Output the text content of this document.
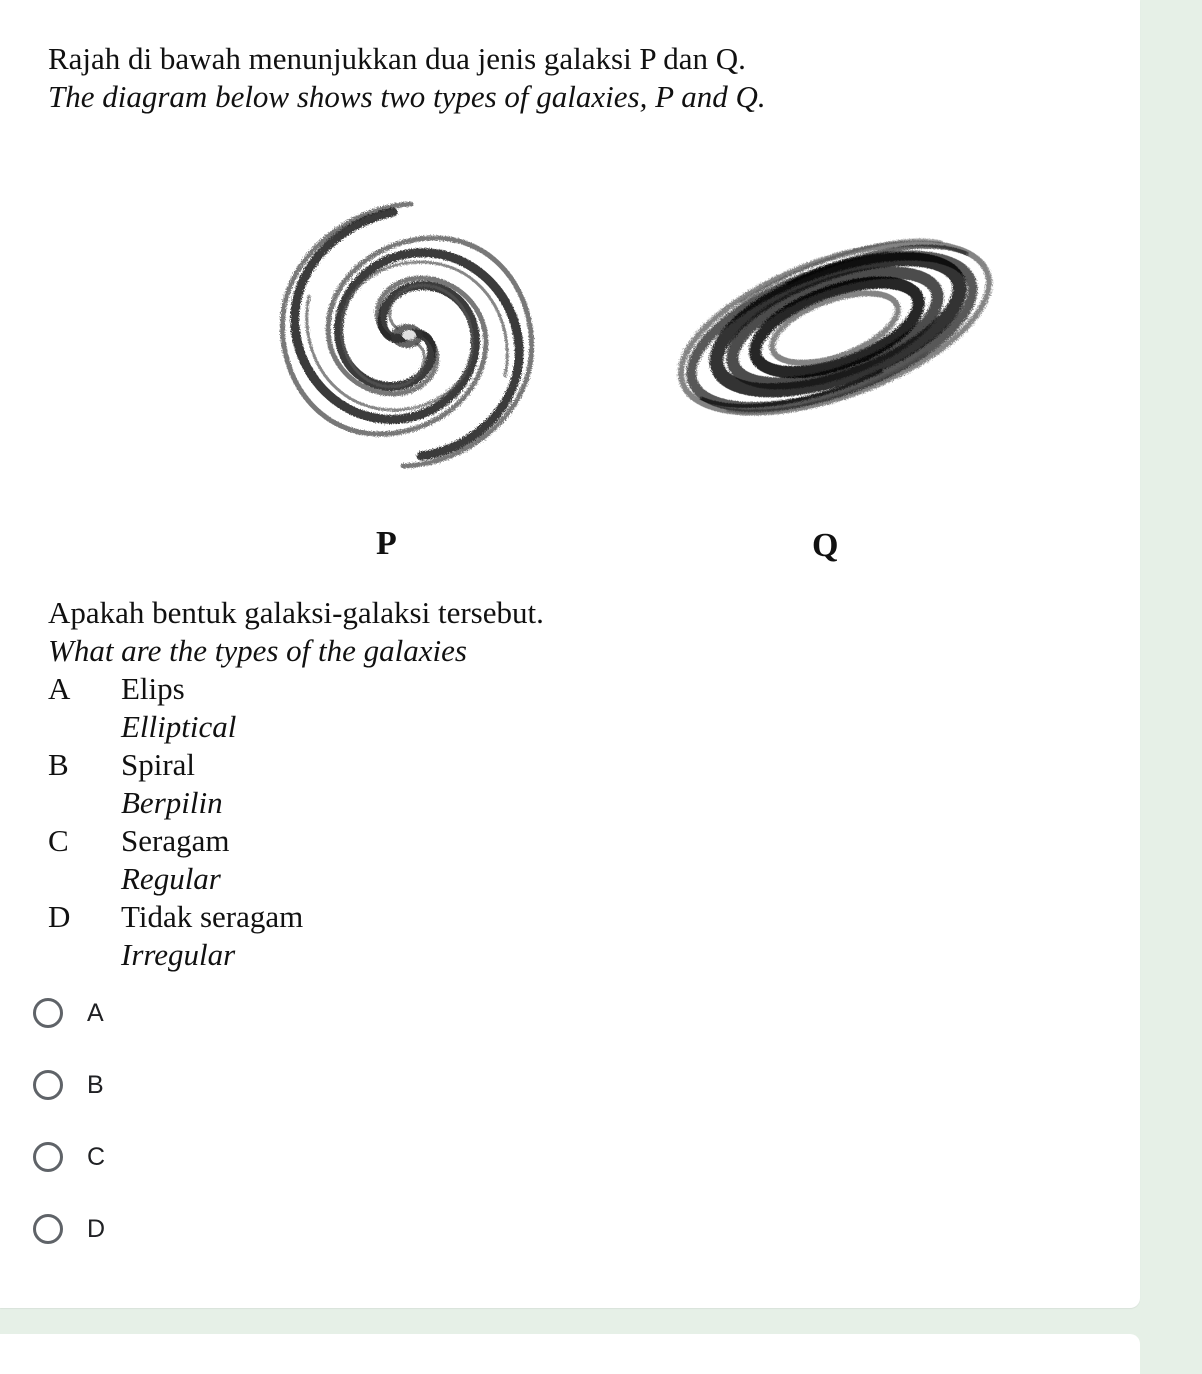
Rajah di bawah menunjukkan dua jenis galaksi P dan Q.
The diagram below shows two types of galaxies, P and Q.
P	Q
Apakah bentuk galaksi-galaksi tersebut.
What are the types of the galaxies
A Elips
Elliptical
B Spiral
Berpilin
C Seragam
Regular
D Tidak seragam
Irregular
A
B
C
D
